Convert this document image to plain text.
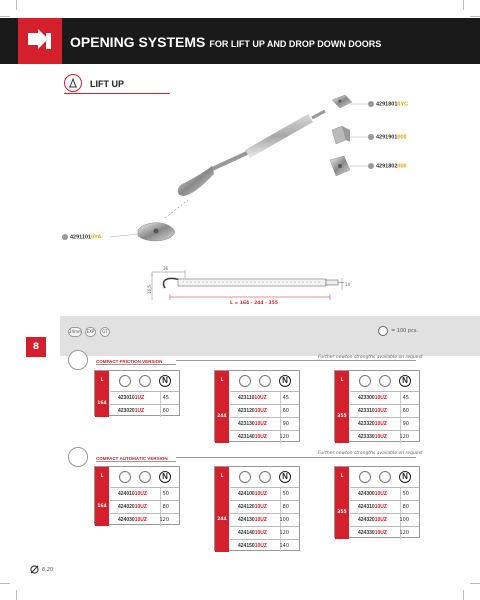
OPENING SYSTEMS FOR LIFT UP AND DROP DOWN DOORS
LIFT UP
36
16,5
14
L = 164 - 244 - 355
42918010YC
4291901000
4291802000
42911010YA
24mm	EXP	GT	= 100 pcs.
8
COMPACT FRICTION VERSION
Further newton strengths available on request
L
164
N
4230101UZ	45
4230201UZ	60
L
244
N
42311010UZ	45
42312010UZ	60
42313010UZ	90
42314010UZ	120
L
355
N
42330010UZ	45
42331010UZ	60
42332010UZ	90
42333010UZ	120
COMPACT AUTOMATIC VERSION
Further newton strengths available on request
L
164
N
42401010UZ	50
42402010UZ	80
42403010UZ	120
L
244
N
42410010UZ	50
42412010UZ	80
42413010UZ	100
42414010UZ	120
42415010UZ	140
L
355
N
42430010UZ	50
42431010UZ	80
42432010UZ	100
42433010UZ	120
8.20
